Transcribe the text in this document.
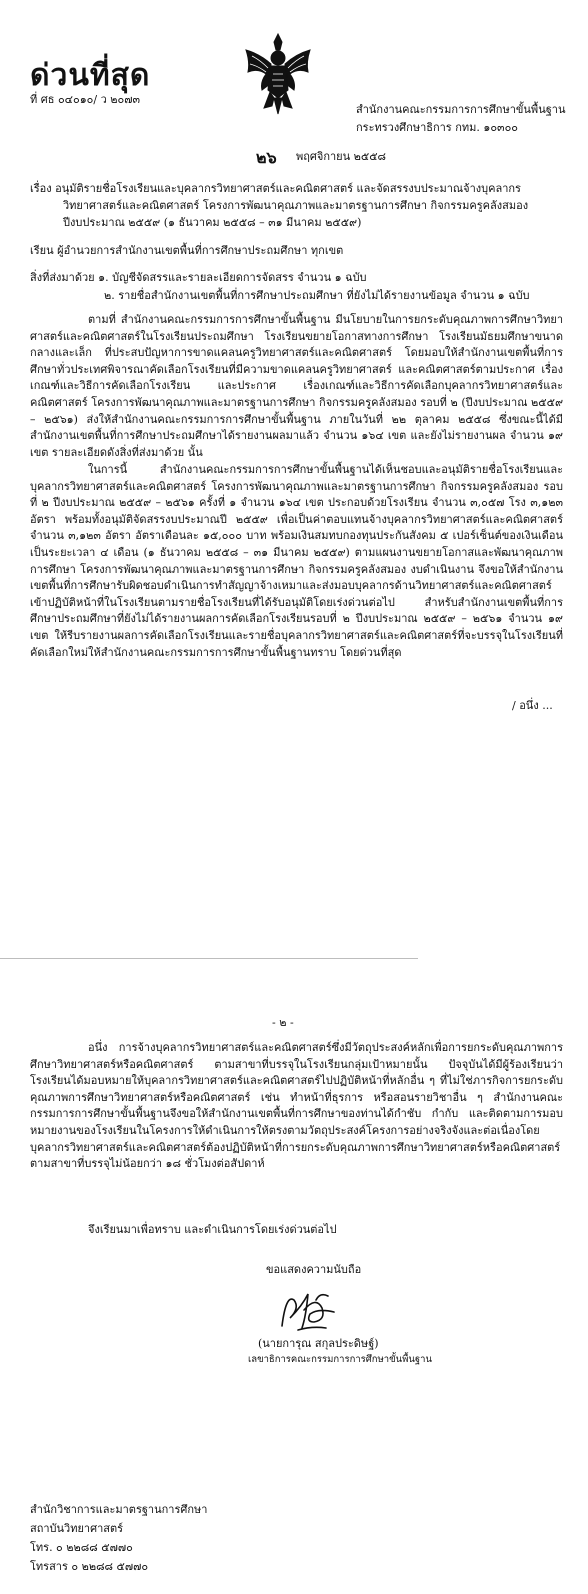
ด่วนที่สุด
ที่ ศธ ๐๔๐๑๐/ ว ๒๐๗๓
สำนักงานคณะกรรมการการศึกษาขั้นพื้นฐาน
กระทรวงศึกษาธิการ กทม. ๑๐๓๐๐
๒๖ พฤศจิกายน ๒๕๕๘
เรื่อง อนุมัติรายชื่อโรงเรียนและบุคลากรวิทยาศาสตร์และคณิตศาสตร์ และจัดสรรงบประมาณจ้างบุคลากร
วิทยาศาสตร์และคณิตศาสตร์ โครงการพัฒนาคุณภาพและมาตรฐานการศึกษา กิจกรรมครูคลังสมอง
ปีงบประมาณ ๒๕๕๙ (๑ ธันวาคม ๒๕๕๘ – ๓๑ มีนาคม ๒๕๕๙)
เรียน ผู้อำนวยการสำนักงานเขตพื้นที่การศึกษาประถมศึกษา ทุกเขต
สิ่งที่ส่งมาด้วย ๑. บัญชีจัดสรรและรายละเอียดการจัดสรร จำนวน ๑ ฉบับ
๒. รายชื่อสำนักงานเขตพื้นที่การศึกษาประถมศึกษา ที่ยังไม่ได้รายงานข้อมูล จำนวน ๑ ฉบับ
ตามที่ สำนักงานคณะกรรมการการศึกษาขั้นพื้นฐาน มีนโยบายในการยกระดับคุณภาพการศึกษาวิทยาศาสตร์และคณิตศาสตร์ในโรงเรียนประถมศึกษา โรงเรียนขยายโอกาสทางการศึกษา โรงเรียนมัธยมศึกษาขนาดกลางและเล็ก ที่ประสบปัญหาการขาดแคลนครูวิทยาศาสตร์และคณิตศาสตร์ โดยมอบให้สำนักงานเขตพื้นที่การศึกษาทั่วประเทศพิจารณาคัดเลือกโรงเรียนที่มีความขาดแคลนครูวิทยาศาสตร์ และคณิตศาสตร์ตามประกาศ เรื่อง เกณฑ์และวิธีการคัดเลือกโรงเรียน และประกาศ เรื่องเกณฑ์และวิธีการคัดเลือกบุคลากรวิทยาศาสตร์และคณิตศาสตร์ โครงการพัฒนาคุณภาพและมาตรฐานการศึกษา กิจกรรมครูคลังสมอง รอบที่ ๒ (ปีงบประมาณ ๒๕๕๙ – ๒๕๖๑) ส่งให้สำนักงานคณะกรรมการการศึกษาขั้นพื้นฐาน ภายในวันที่ ๒๒ ตุลาคม ๒๕๕๘ ซึ่งขณะนี้ได้มีสำนักงานเขตพื้นที่การศึกษาประถมศึกษาได้รายงานผลมาแล้ว จำนวน ๑๖๔ เขต และยังไม่รายงานผล จำนวน ๑๙ เขต รายละเอียดดังสิ่งที่ส่งมาด้วย นั้น
ในการนี้ สำนักงานคณะกรรมการการศึกษาขั้นพื้นฐานได้เห็นชอบและอนุมัติรายชื่อโรงเรียนและบุคลากรวิทยาศาสตร์และคณิตศาสตร์ โครงการพัฒนาคุณภาพและมาตรฐานการศึกษา กิจกรรมครูคลังสมอง รอบที่ ๒ ปีงบประมาณ ๒๕๕๙ – ๒๕๖๑ ครั้งที่ ๑ จำนวน ๑๖๔ เขต ประกอบด้วยโรงเรียน จำนวน ๓,๐๕๗ โรง ๓,๑๒๓ อัตรา พร้อมทั้งอนุมัติจัดสรรงบประมาณปี ๒๕๕๙ เพื่อเป็นค่าตอบแทนจ้างบุคลากรวิทยาศาสตร์และคณิตศาสตร์ จำนวน ๓,๑๒๓ อัตรา อัตราเดือนละ ๑๕,๐๐๐ บาท พร้อมเงินสมทบกองทุนประกันสังคม ๕ เปอร์เซ็นต์ของเงินเดือน เป็นระยะเวลา ๔ เดือน (๑ ธันวาคม ๒๕๕๘ – ๓๑ มีนาคม ๒๕๕๙) ตามแผนงานขยายโอกาสและพัฒนาคุณภาพการศึกษา โครงการพัฒนาคุณภาพและมาตรฐานการศึกษา กิจกรรมครูคลังสมอง งบดำเนินงาน จึงขอให้สำนักงานเขตพื้นที่การศึกษารับผิดชอบดำเนินการทำสัญญาจ้างเหมาและส่งมอบบุคลากรด้านวิทยาศาสตร์และคณิตศาสตร์เข้าปฏิบัติหน้าที่ในโรงเรียนตามรายชื่อโรงเรียนที่ได้รับอนุมัติโดยเร่งด่วนต่อไป สำหรับสำนักงานเขตพื้นที่การศึกษาประถมศึกษาที่ยังไม่ได้รายงานผลการคัดเลือกโรงเรียนรอบที่ ๒ ปีงบประมาณ ๒๕๕๙ – ๒๕๖๑ จำนวน ๑๙ เขต ให้รีบรายงานผลการคัดเลือกโรงเรียนและรายชื่อบุคลากรวิทยาศาสตร์และคณิตศาสตร์ที่จะบรรจุในโรงเรียนที่คัดเลือกใหม่ให้สำนักงานคณะกรรมการการศึกษาขั้นพื้นฐานทราบ โดยด่วนที่สุด
/ อนึ่ง ...
- ๒ -
อนึ่ง การจ้างบุคลากรวิทยาศาสตร์และคณิตศาสตร์ซึ่งมีวัตถุประสงค์หลักเพื่อการยกระดับคุณภาพการศึกษาวิทยาศาสตร์หรือคณิตศาสตร์ ตามสาขาที่บรรจุในโรงเรียนกลุ่มเป้าหมายนั้น ปัจจุบันได้มีผู้ร้องเรียนว่าโรงเรียนได้มอบหมายให้บุคลากรวิทยาศาสตร์และคณิตศาสตร์ไปปฏิบัติหน้าที่หลักอื่น ๆ ที่ไม่ใช่ภารกิจการยกระดับคุณภาพการศึกษาวิทยาศาสตร์หรือคณิตศาสตร์ เช่น ทำหน้าที่ธุรการ หรือสอนรายวิชาอื่น ๆ สำนักงานคณะกรรมการการศึกษาขั้นพื้นฐานจึงขอให้สำนักงานเขตพื้นที่การศึกษาของท่านได้กำชับ กำกับ และติดตามการมอบหมายงานของโรงเรียนในโครงการให้ดำเนินการให้ตรงตามวัตถุประสงค์โครงการอย่างจริงจังและต่อเนื่องโดยบุคลากรวิทยาศาสตร์และคณิตศาสตร์ต้องปฏิบัติหน้าที่การยกระดับคุณภาพการศึกษาวิทยาศาสตร์หรือคณิตศาสตร์ตามสาขาที่บรรจุไม่น้อยกว่า ๑๘ ชั่วโมงต่อสัปดาห์
จึงเรียนมาเพื่อทราบ และดำเนินการโดยเร่งด่วนต่อไป
ขอแสดงความนับถือ
(นายการุณ สกุลประดิษฐ์)
เลขาธิการคณะกรรมการการศึกษาขั้นพื้นฐาน
สำนักวิชาการและมาตรฐานการศึกษา
สถาบันวิทยาศาสตร์
โทร. ๐ ๒๒๘๘ ๕๗๗๐
โทรสาร ๐ ๒๒๘๘ ๕๗๗๐
